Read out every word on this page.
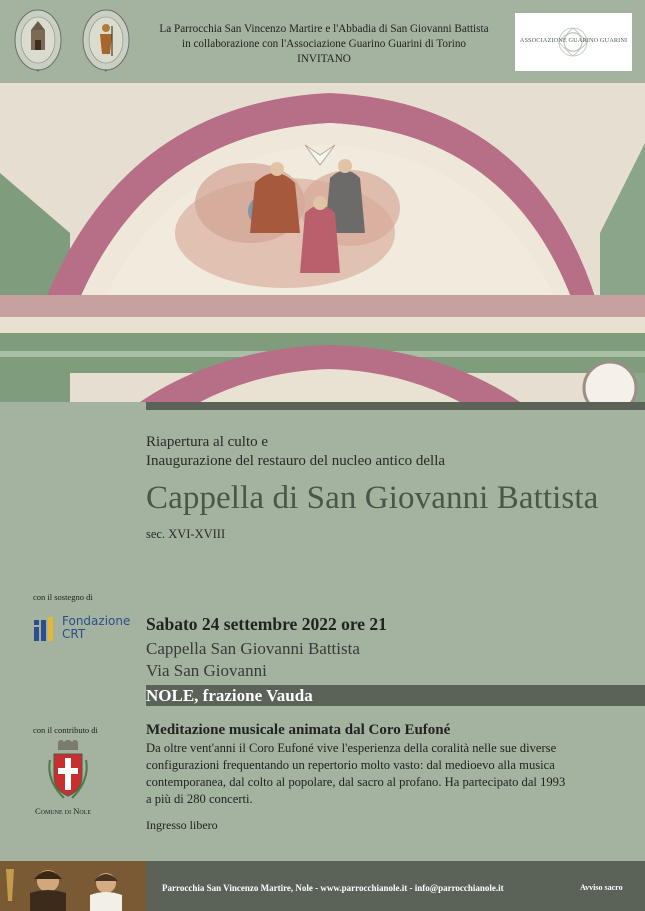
+	+
La Parrocchia San Vincenzo Martire e l'Abbadia di San Giovanni Battista
in collaborazione con l'Associazione Guarino Guarini di Torino
INVITANO
ASSOCIAZIONE GUARINO GUARINI
Riapertura al culto e
Inaugurazione del restauro del nucleo antico della
Cappella di San Giovanni Battista
sec. XVI-XVIII
con il sostegno di
Fondazione
CRT	Sabato 24 settembre 2022 ore 21
Cappella San Giovanni Battista
Via San Giovanni
NOLE, frazione Vauda
con il contributo di
Comune di Nole
Meditazione musicale animata dal Coro Eufoné
Da oltre vent'anni il Coro Eufoné vive l'esperienza della coralità nelle sue diverse configurazioni frequentando un repertorio molto vasto: dal medioevo alla musica contemporanea, dal colto al popolare, dal sacro al profano. Ha partecipato dal 1993 a più di 280 concerti.
Ingresso libero
Parrocchia San Vincenzo Martire, Nole - www.parrocchianole.it - info@parrocchianole.it	Avviso sacro
